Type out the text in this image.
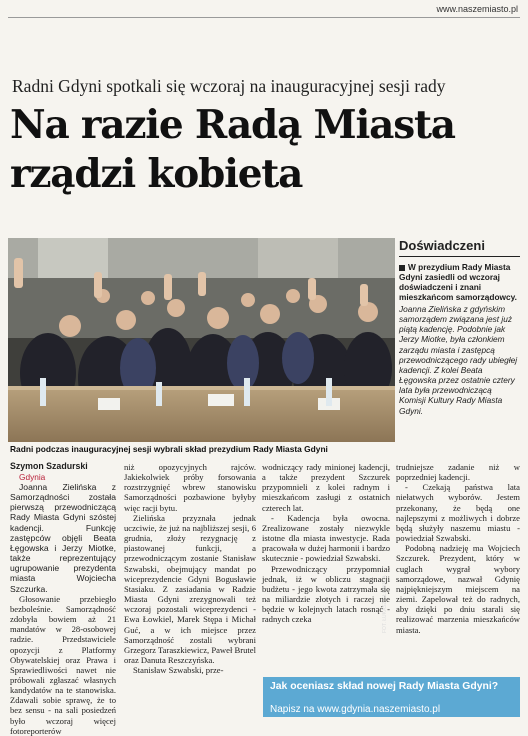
www.naszemiasto.pl
⠀
Radni Gdyni spotkali się wczoraj na inauguracyjnej sesji rady
Na razie Radą Miasta
rządzi kobieta
FOT. ŁUKASZ GŁOWALA
Radni podczas inauguracyjnej sesji wybrali skład prezydium Rady Miasta Gdyni
Doświadczeni

W prezydium Rady Miasta Gdyni zasiedli od wczoraj doświadczeni i znani mieszkańcom samorządowcy.

Joanna Zielińska z gdyńskim samorządem związana jest już piątą kadencję. Podobnie jak Jerzy Miotke, była członkiem zarządu miasta i zastępcą przewodniczącego rady ubiegłej kadencji. Z kolei Beata Łęgowska przez ostatnie cztery lata była przewodniczącą Komisji Kultury Rady Miasta Gdyni.

Szymon Szadurski

Gdynia

Joanna Zielińska z Samorządności została pierwszą przewodniczącą Rady Miasta Gdyni szóstej kadencji. Funkcję zastępców objęli Beata Łęgowska i Jerzy Miotke, także reprezentujący ugrupowanie prezydenta miasta Wojciecha Szczurka.

Głosowanie przebiegło bezboleśnie. Samorządność zdobyła bowiem aż 21 mandatów w 28-osobowej radzie. Przedstawiciele opozycji z Platformy Obywatelskiej oraz Prawa i Sprawiedliwości nawet nie próbowali zgłaszać własnych kandydatów na te stanowiska. Zdawali sobie sprawę, że to bez sensu - na sali posiedzeń było wczoraj więcej fotoreporterów

niż opozycyjnych rajców. Jakiekolwiek próby forsowania rozstrzygnięć wbrew stanowisku Samorządności pozbawione byłyby więc racji bytu.

Zielińska przyznała jednak uczciwie, że już na najbliższej sesji, 6 grudnia, złoży rezygnację z piastowanej funkcji, a przewodniczącym zostanie Stanisław Szwabski, obejmujący mandat po wiceprezydencie Gdyni Bogusławie Stasiaku. Z zasiadania w Radzie Miasta Gdyni zrezygnowali też wczoraj pozostali wiceprezydenci - Ewa Łowkiel, Marek Stępa i Michał Guć, a w ich miejsce przez Samorządność zostali wybrani Grzegorz Taraszkiewicz, Paweł Brutel oraz Danuta Reszczyńska.

Stanisław Szwabski, prze-

wodniczący rady minionej kadencji, a także prezydent Szczurek przypomnieli z kolei radnym i mieszkańcom zasługi z ostatnich czterech lat.

- Kadencja była owocna. Zrealizowane zostały niezwykle istotne dla miasta inwestycje. Rada pracowała w dużej harmonii i bardzo skutecznie - powiedział Szwabski.

Przewodniczący przypomniał jednak, iż w obliczu stagnacji budżetu - jego kwota zatrzymała się na miliardzie złotych i raczej nie będzie w kolejnych latach rosnąć - radnych czeka

trudniejsze zadanie niż w poprzedniej kadencji.

- Czekają państwa lata niełatwych wyborów. Jestem przekonany, że będą one najlepszymi z możliwych i dobrze będą służyły naszemu miastu - powiedział Szwabski.

Podobną nadzieję ma Wojciech Szczurek. Prezydent, który w cuglach wygrał wybory samorządowe, nazwał Gdynię najpiękniejszym miejscem na ziemi. Zapelował też do radnych, aby dzięki po dniu starali się realizować marzenia mieszkańców miasta.

Jak oceniasz skład nowej Rady Miasta Gdyni?
Napisz na www.gdynia.naszemiasto.pl
